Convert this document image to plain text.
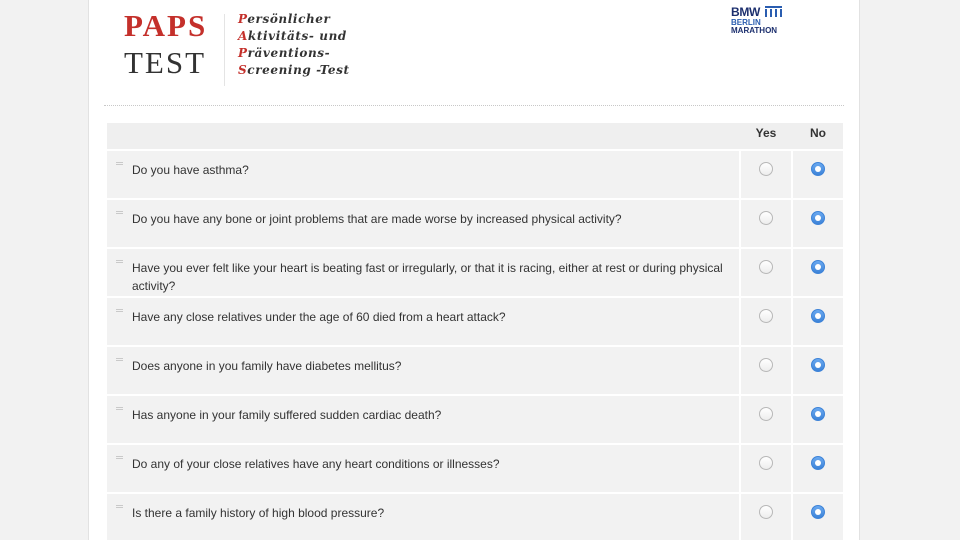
PAPS
TEST
Persönlicher
Aktivitäts- und
Präventions-
Screening -Test
BMW
BERLIN
MARATHON
Yes	No
Do you have asthma?
Do you have any bone or joint problems that are made worse by increased physical activity?
Have you ever felt like your heart is beating fast or irregularly, or that it is racing, either at rest or during physical activity?
Have any close relatives under the age of 60 died from a heart attack?
Does anyone in you family have diabetes mellitus?
Has anyone in your family suffered sudden cardiac death?
Do any of your close relatives have any heart conditions or illnesses?
Is there a family history of high blood pressure?
